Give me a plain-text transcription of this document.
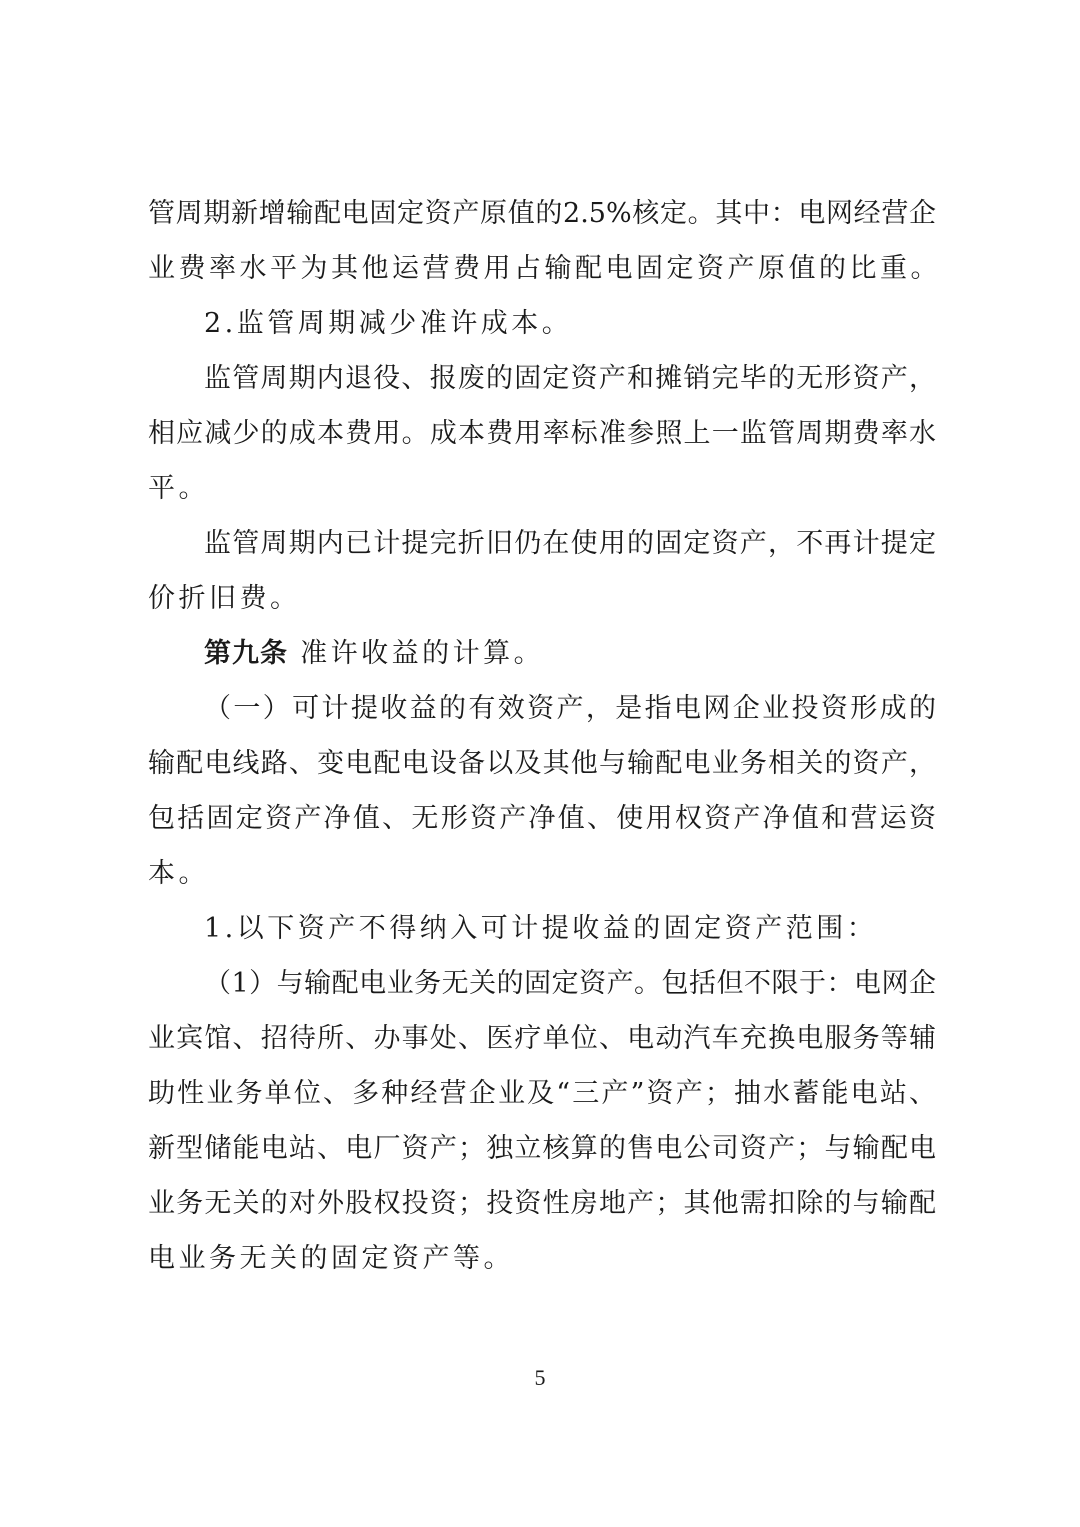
管周期新增输配电固定资产原值的2.5%核定。其中：电网经营企
业费率水平为其他运营费用占输配电固定资产原值的比重。
2.监管周期减少准许成本。
监管周期内退役、报废的固定资产和摊销完毕的无形资产，
相应减少的成本费用。成本费用率标准参照上一监管周期费率水
平。
监管周期内已计提完折旧仍在使用的固定资产，不再计提定
价折旧费。
第九条 准许收益的计算。
（一）可计提收益的有效资产，是指电网企业投资形成的
输配电线路、变电配电设备以及其他与输配电业务相关的资产，
包括固定资产净值、无形资产净值、使用权资产净值和营运资
本。
1.以下资产不得纳入可计提收益的固定资产范围：
（1）与输配电业务无关的固定资产。包括但不限于：电网企
业宾馆、招待所、办事处、医疗单位、电动汽车充换电服务等辅
助性业务单位、多种经营企业及“三产”资产；抽水蓄能电站、
新型储能电站、电厂资产；独立核算的售电公司资产；与输配电
业务无关的对外股权投资；投资性房地产；其他需扣除的与输配
电业务无关的固定资产等。
5
